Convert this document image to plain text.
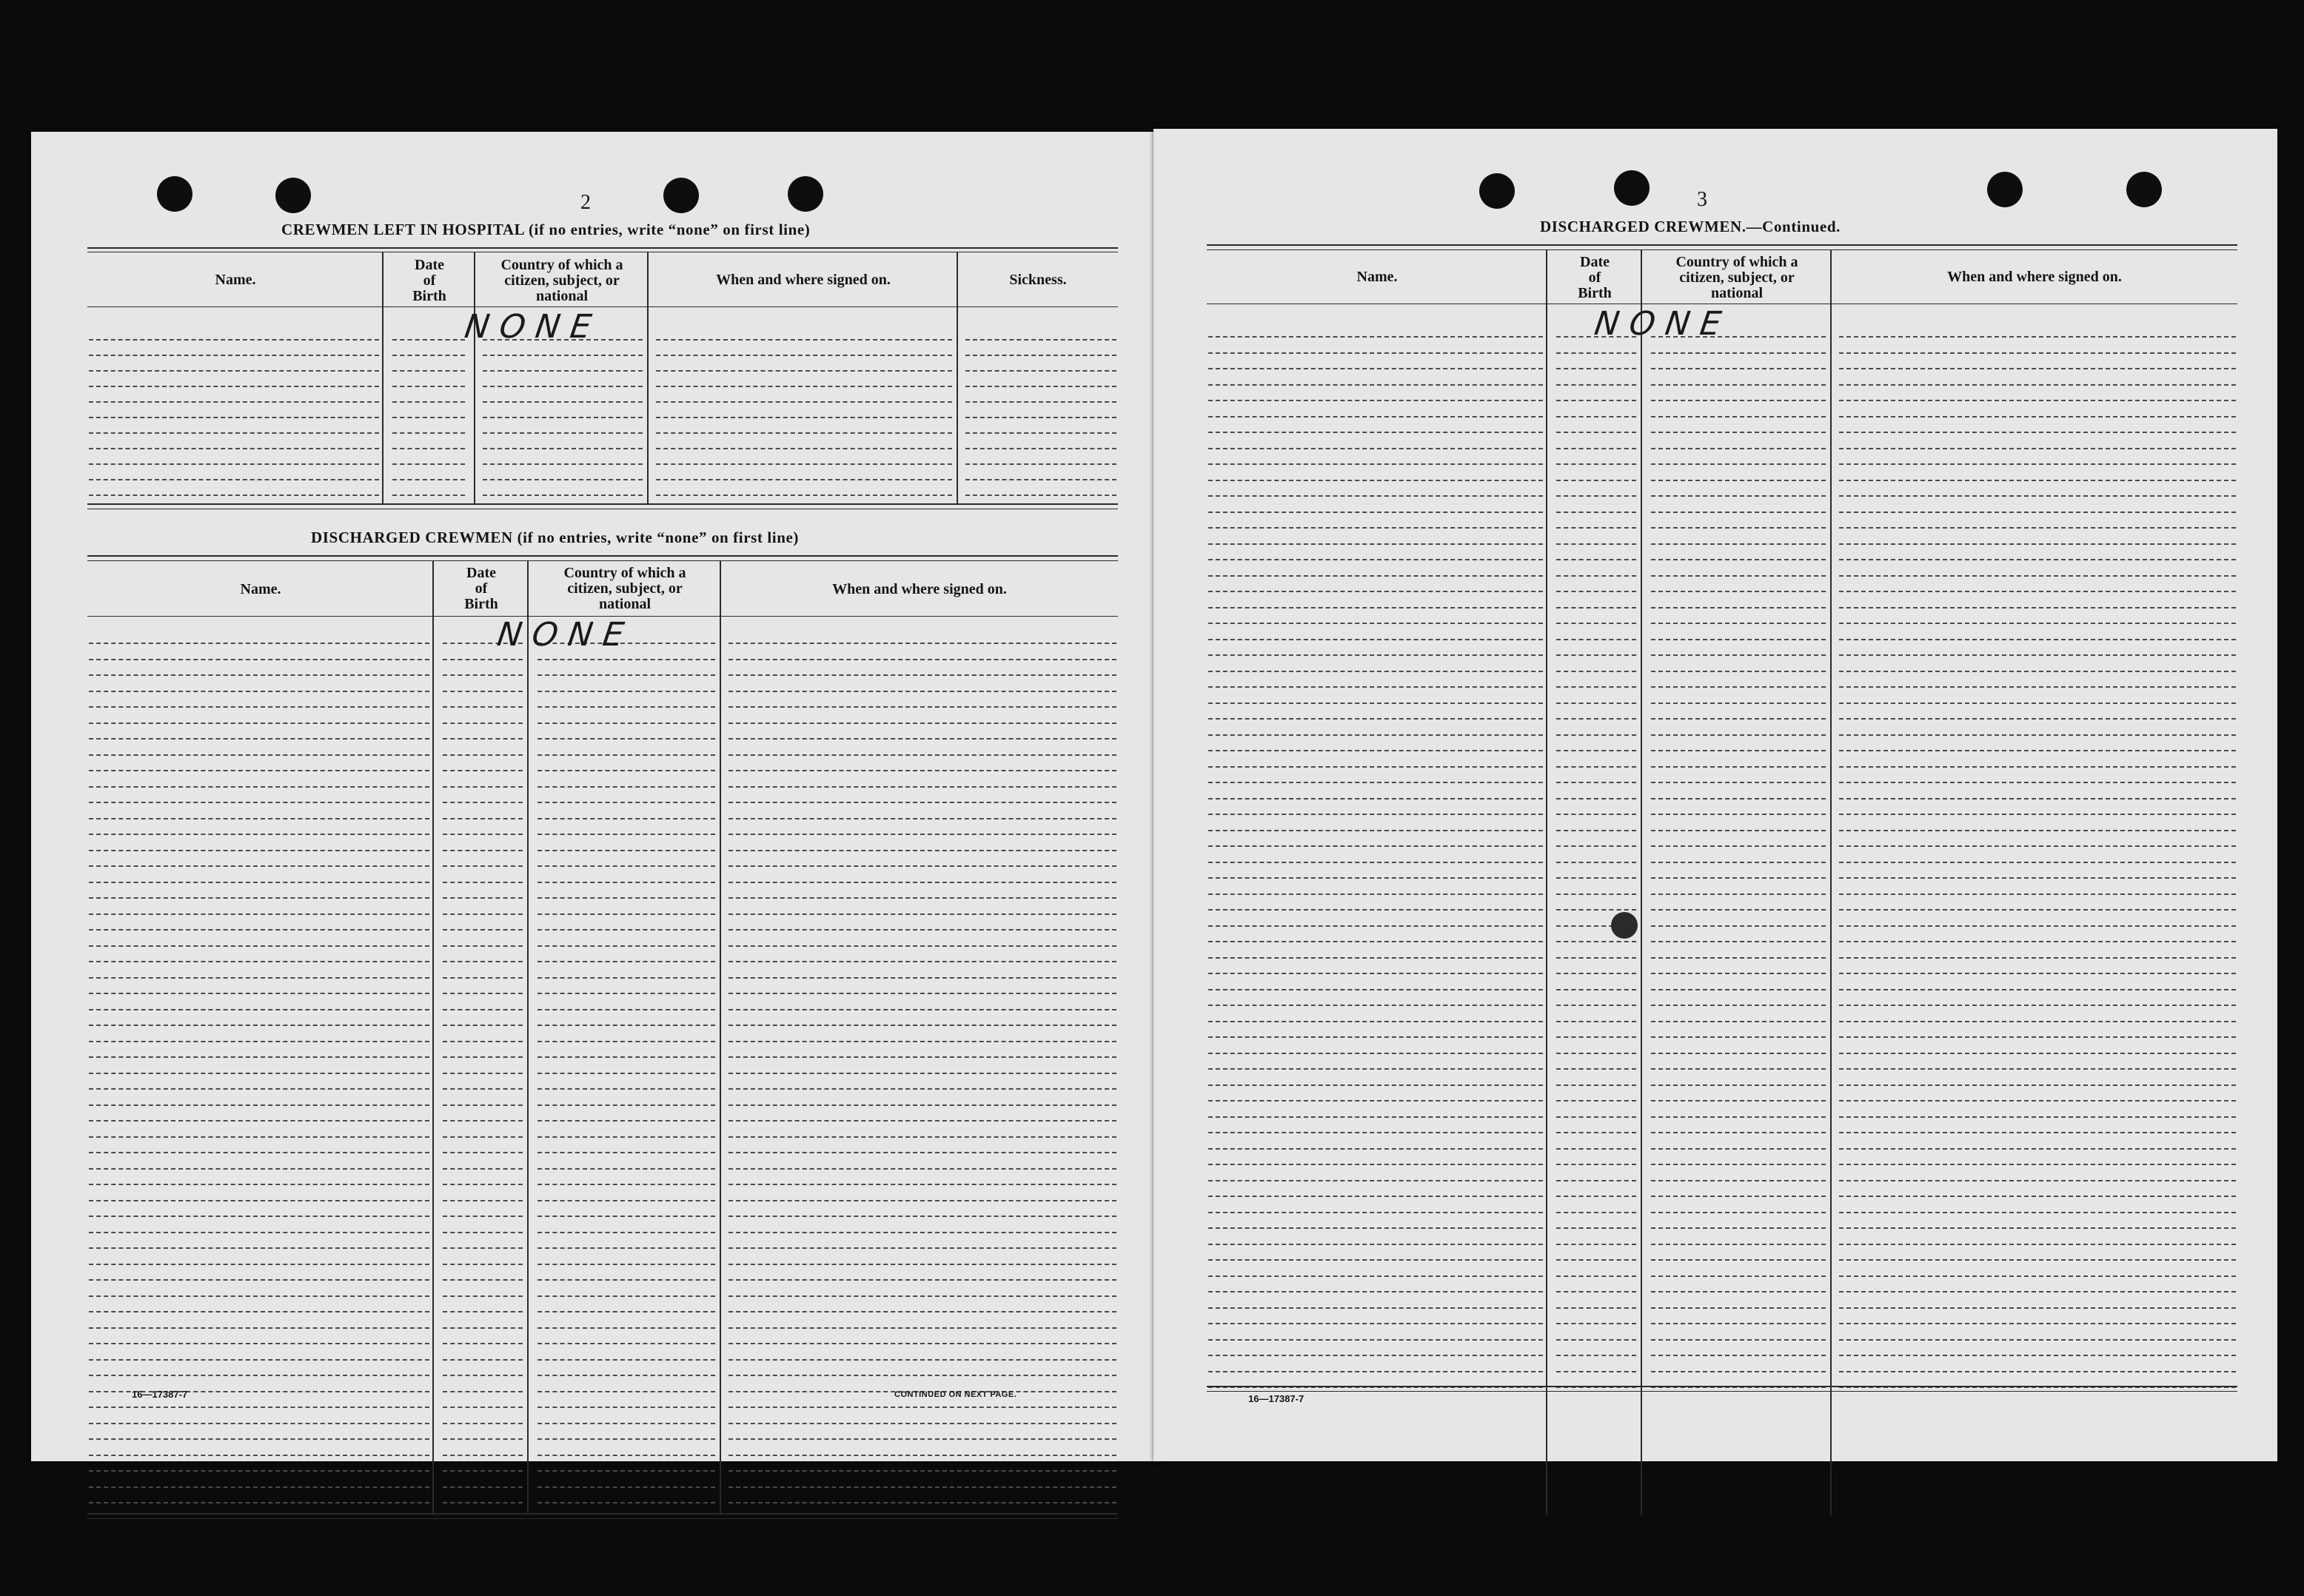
2
CREWMEN LEFT IN HOSPITAL (if no entries, write “none” on first line)
Name.
Date
of
Birth
Country of which a
citizen, subject, or
national
When and where signed on.	Sickness.
NONE
DISCHARGED CREWMEN (if no entries, write “none” on first line)
Name.
Date
of
Birth
Country of which a
citizen, subject, or
national
When and where signed on.
NONE
16—17387-7	CONTINUED ON NEXT PAGE.
3
DISCHARGED CREWMEN.—Continued.
Name.
Date
of
Birth
Country of which a
citizen, subject, or
national
When and where signed on.
NONE
16—17387-7
